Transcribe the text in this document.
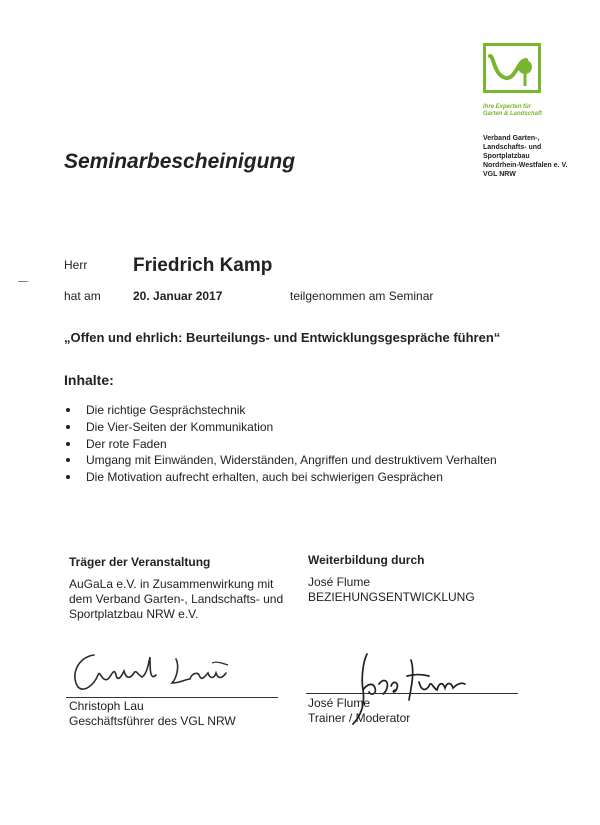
Ihre Experten für
Garten & Landschaft
Verband Garten-,
Landschafts- und
Sportplatzbau
Nordrhein-Westfalen e. V.
VGL NRW
Seminarbescheinigung
Herr Friedrich Kamp
hat am	20. Januar 2017	teilgenommen am Seminar
„Offen und ehrlich: Beurteilungs- und Entwicklungsgespräche führen“
Inhalte:
Die richtige Gesprächstechnik
Die Vier-Seiten der Kommunikation
Der rote Faden
Umgang mit Einwänden, Widerständen, Angriffen und destruktivem Verhalten
Die Motivation aufrecht erhalten, auch bei schwierigen Gesprächen
Träger der Veranstaltung
AuGaLa e.V. in Zusammenwirkung mit
dem Verband Garten-, Landschafts- und
Sportplatzbau NRW e.V.
Weiterbildung durch
José Flume
BEZIEHUNGSENTWICKLUNG
Christoph Lau
Geschäftsführer des VGL NRW
José Flume
Trainer / Moderator
